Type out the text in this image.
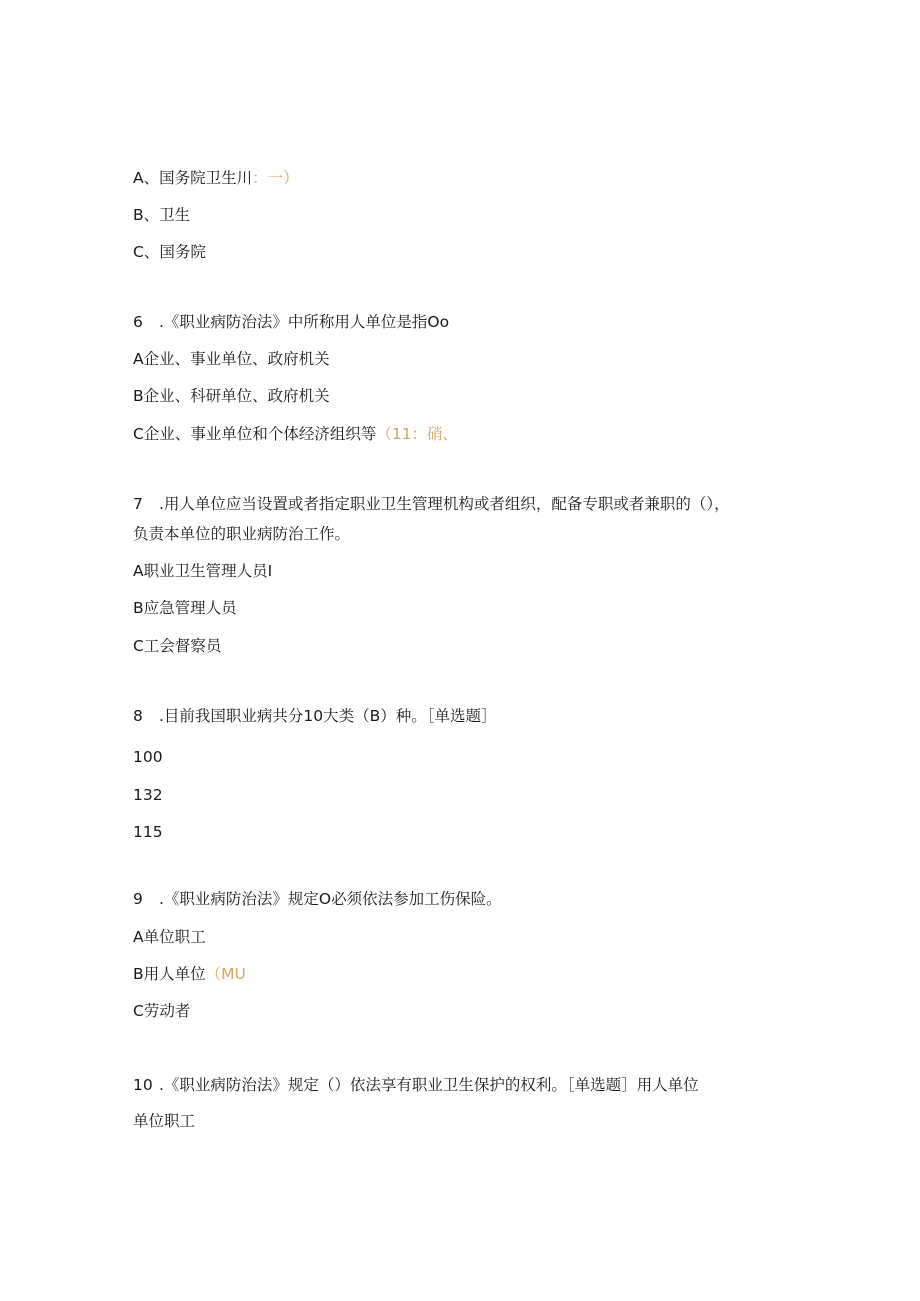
A、国务院卫生川：一）
B、卫生
C、国务院
6 .《职业病防治法》中所称用人单位是指Oo
A企业、事业单位、政府机关
B企业、科研单位、政府机关
C企业、事业单位和个体经济组织等（11：硝、
7 .用人单位应当设置或者指定职业卫生管理机构或者组织，配备专职或者兼职的（），
负责本单位的职业病防治工作。
A职业卫生管理人员I
B应急管理人员
C工会督察员
8 .目前我国职业病共分10大类（B）种。［单选题］
100
132
115
9 .《职业病防治法》规定O必须依法参加工伤保险。
A单位职工
B用人单位（MU
C劳动者
10 .《职业病防治法》规定（）依法享有职业卫生保护的权利。［单选题］用人单位
单位职工
